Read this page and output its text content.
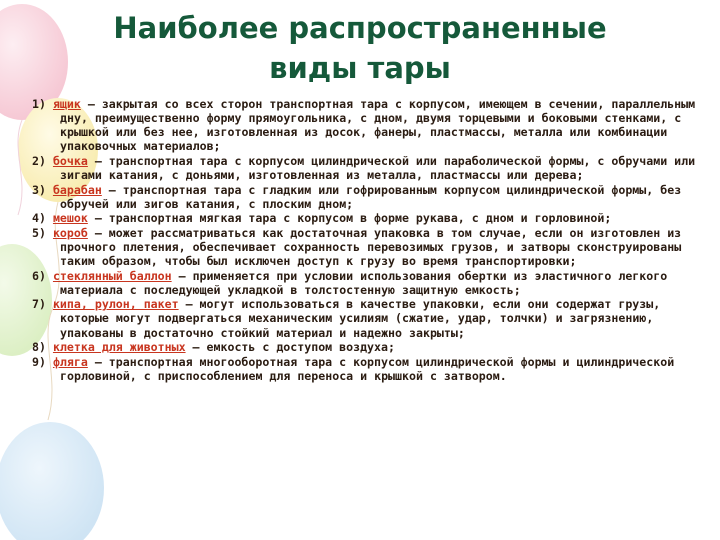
Наиболее распространенные
виды тары
1) ящик – закрытая со всех сторон транспортная тара с корпусом, имеющем в сечении, параллельным дну, преимущественно форму прямоугольника, с дном, двумя торцевыми и боковыми стенками, с крышкой или без нее, изготовленная из досок, фанеры, пластмассы, металла или комбинации упаковочных материалов;
2) бочка – транспортная тара с корпусом цилиндрической или параболической формы, с обручами или зигами катания, с доньями, изготовленная из металла, пластмассы или дерева;
3) барабан – транспортная тара с гладким или гофрированным корпусом цилиндрической формы, без обручей или зигов катания, с плоским дном;
4) мешок – транспортная мягкая тара с корпусом в форме рукава, с дном и горловиной;
5) короб – может рассматриваться как достаточная упаковка в том случае, если он изготовлен из прочного плетения, обеспечивает сохранность перевозимых грузов, и затворы сконструированы таким образом, чтобы был исключен доступ к грузу во время транспортировки;
6) стеклянный баллон – применяется при условии использования обертки из эластичного легкого материала с последующей укладкой в толстостенную защитную емкость;
7) кипа, рулон, пакет – могут использоваться в качестве упаковки, если они содержат грузы, которые могут подвергаться механическим усилиям (сжатие, удар, толчки) и загрязнению, упакованы в достаточно стойкий материал и надежно закрыты;
8) клетка для животных – емкость с доступом воздуха;
9) фляга – транспортная многооборотная тара с корпусом цилиндрической формы и цилиндрической горловиной, с приспособлением для переноса и крышкой с затвором.
